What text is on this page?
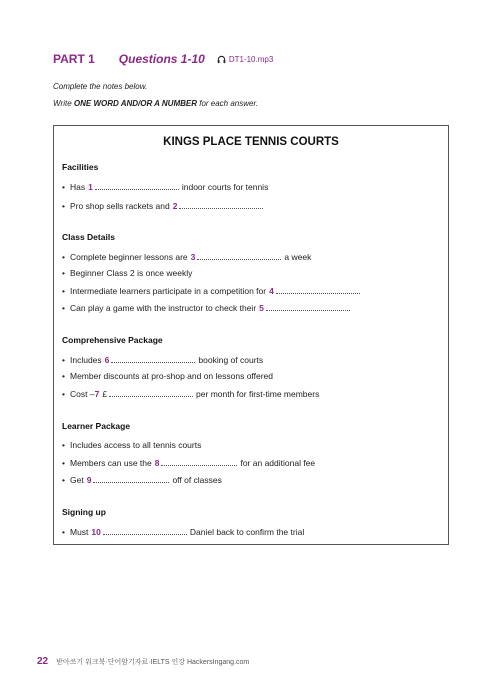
PART 1 Questions 1-10	DT1-10.mp3
Complete the notes below.
Write ONE WORD AND/OR A NUMBER for each answer.
KINGS PLACE TENNIS COURTS
Facilities
• Has 1	indoor courts for tennis
• Pro shop sells rackets and 2
Class Details
• Complete beginner lessons are 3	a week
• Beginner Class 2 is once weekly
• Intermediate learners participate in a competition for 4
• Can play a game with the instructor to check their 5
Comprehensive Package
• Includes 6	booking of courts
• Member discounts at pro-shop and on lessons offered
• Cost – 7 £	per month for first-time members
Learner Package
• Includes access to all tennis courts
• Members can use the 8	for an additional fee
• Get 9	off of classes
Signing up
• Must 10	Daniel back to confirm the trial
22 받아쓰기 워크북·단어암기자료·IELTS 인강 HackersIngang.com
